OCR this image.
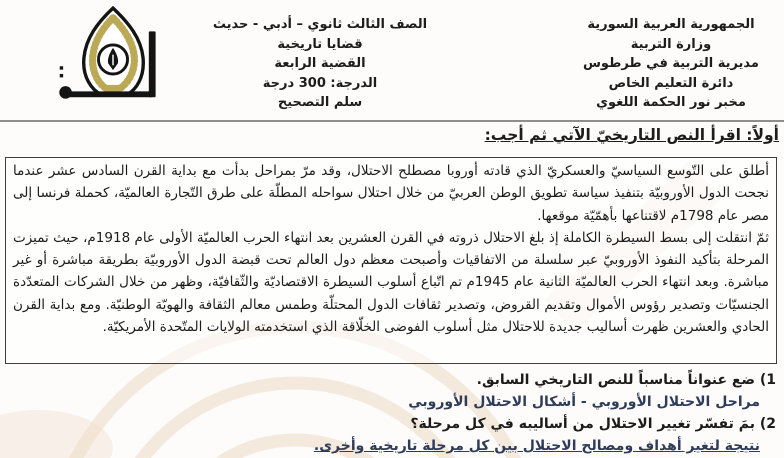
الجمهورية العربية السورية
وزارة التربية
مديرية التربية في طرطوس
دائرة التعليم الخاص
مخبر نور الحكمة اللغوي
الصف الثالث ثانوي – أدبي - حديث
قضايا تاريخية
القضية الرابعة
الدرجة: 300 درجة
سلم التصحيح
أولاً: اقرأ النص التاريخيّ الآتي ثم أجب:

أطلق على التّوسع السياسيّ والعسكريّ الذي قادته أوروبا مصطلح الاحتلال، وقد مرّ بمراحل بدأت مع بداية القرن السادس عشر عندما نجحت الدول الأوروبيّة بتنفيذ سياسة تطويق الوطن العربيّ من خلال احتلال سواحله المطلّة على طرق التّجارة العالميّة، كحملة فرنسا إلى مصر عام 1798م لاقتناعها بأهمّيّة موقعها.

ثمّ انتقلت إلى بسط السيطرة الكاملة إذ بلغ الاحتلال ذروته في القرن العشرين بعد انتهاء الحرب العالميّة الأولى عام 1918م، حيث تميزت المرحلة بتأكيد النفوذ الأوروبيّ عبر سلسلة من الاتفاقيات وأصبحت معظم دول العالم تحت قبضة الدول الأوروبيّة بطريقة مباشرة أو غير مباشرة. وبعد انتهاء الحرب العالميّة الثانية عام 1945م تم اتّباع أسلوب السيطرة الاقتصاديّة والثّقافيّة، وظهر من خلال الشركات المتعدّدة الجنسيّات وتصدير رؤوس الأموال وتقديم القروض، وتصدير ثقافات الدول المحتلّة وطمس معالم الثقافة والهويّة الوطنيّة. ومع بداية القرن الحادي والعشرين ظهرت أساليب جديدة للاحتلال مثل أسلوب الفوضى الخلّاقة الذي استخدمته الولايات المتّحدة الأمريكيّة.

1) ضع عنواناً مناسباً للنص التاريخي السابق.
مراحل الاحتلال الأوروبي - أشكال الاحتلال الأوروبي
2) بمَ تفسّر تغيير الاحتلال من أساليبه في كل مرحلة؟
نتيجة لتغير أهداف ومصالح الاحتلال بين كل مرحلة تاريخية وأخرى.
